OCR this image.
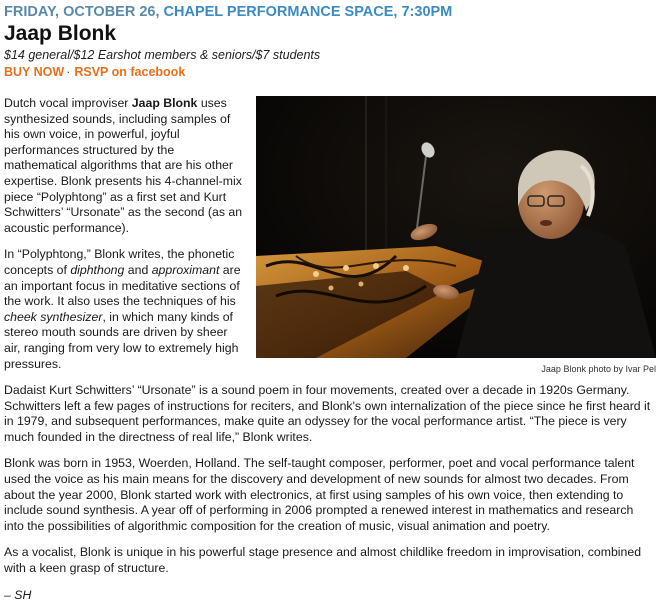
FRIDAY, OCTOBER 26, CHAPEL PERFORMANCE SPACE, 7:30PM
Jaap Blonk
$14 general/$12 Earshot members & seniors/$7 students
BUY NOW · RSVP on facebook
Jaap Blonk photo by Ivar Pel

Dutch vocal improviser Jaap Blonk uses synthesized sounds, including samples of his own voice, in powerful, joyful performances structured by the mathematical algorithms that are his other expertise. Blonk presents his 4-channel-mix piece “Polyphtong” as a first set and Kurt Schwitters’ “Ursonate” as the second (as an acoustic performance).

In “Polyphtong,” Blonk writes, the phonetic concepts of diphthong and approximant are an important focus in meditative sections of the work. It also uses the techniques of his cheek synthesizer, in which many kinds of stereo mouth sounds are driven by sheer air, ranging from very low to extremely high pressures.

Dadaist Kurt Schwitters’ “Ursonate” is a sound poem in four movements, created over a decade in 1920s Germany. Schwitters left a few pages of instructions for reciters, and Blonk's own internalization of the piece since he first heard it in 1979, and subsequent performances, make quite an odyssey for the vocal performance artist. “The piece is very much founded in the directness of real life,” Blonk writes.

Blonk was born in 1953, Woerden, Holland. The self-taught composer, performer, poet and vocal performance talent used the voice as his main means for the discovery and development of new sounds for almost two decades. From about the year 2000, Blonk started work with electronics, at first using samples of his own voice, then extending to include sound synthesis. A year off of performing in 2006 prompted a renewed interest in mathematics and research into the possibilities of algorithmic composition for the creation of music, visual animation and poetry.

As a vocalist, Blonk is unique in his powerful stage presence and almost childlike freedom in improvisation, combined with a keen grasp of structure.

– SH
